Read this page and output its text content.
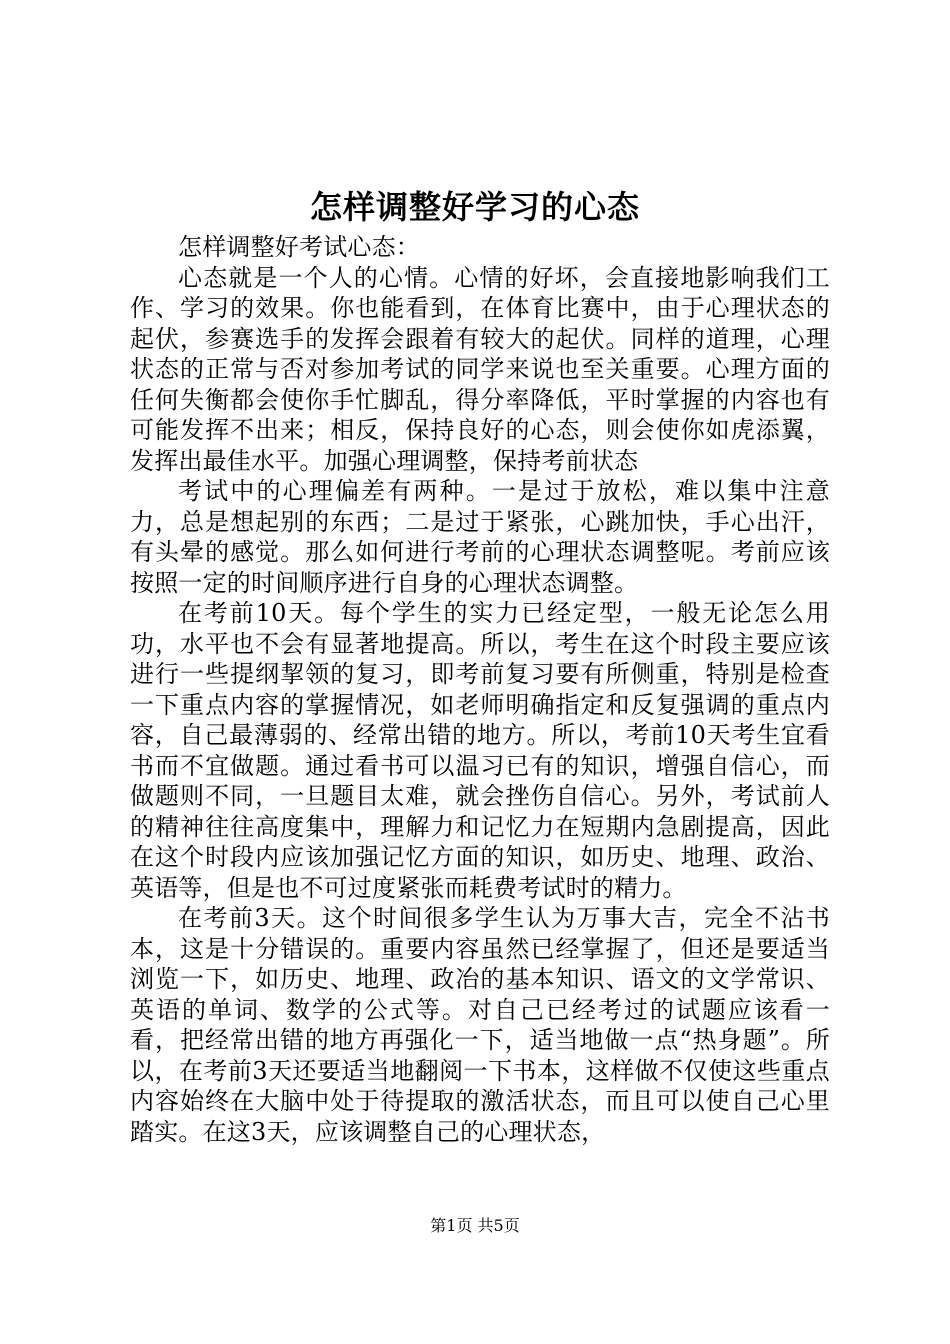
怎样调整好学习的心态

怎样调整好考试心态：

心态就是一个人的心情。心情的好坏，会直接地影响我们工作、学习的效果。你也能看到，在体育比赛中，由于心理状态的起伏，参赛选手的发挥会跟着有较大的起伏。同样的道理，心理状态的正常与否对参加考试的同学来说也至关重要。心理方面的任何失衡都会使你手忙脚乱，得分率降低，平时掌握的内容也有可能发挥不出来；相反，保持良好的心态，则会使你如虎添翼，发挥出最佳水平。加强心理调整，保持考前状态

考试中的心理偏差有两种。一是过于放松，难以集中注意力，总是想起别的东西；二是过于紧张，心跳加快，手心出汗，有头晕的感觉。那么如何进行考前的心理状态调整呢。考前应该按照一定的时间顺序进行自身的心理状态调整。

在考前10天。每个学生的实力已经定型，一般无论怎么用功，水平也不会有显著地提高。所以，考生在这个时段主要应该进行一些提纲挈领的复习，即考前复习要有所侧重，特别是检查一下重点内容的掌握情况，如老师明确指定和反复强调的重点内容，自己最薄弱的、经常出错的地方。所以，考前10天考生宜看书而不宜做题。通过看书可以温习已有的知识，增强自信心，而做题则不同，一旦题目太难，就会挫伤自信心。另外，考试前人的精神往往高度集中，理解力和记忆力在短期内急剧提高，因此在这个时段内应该加强记忆方面的知识，如历史、地理、政治、英语等，但是也不可过度紧张而耗费考试时的精力。

在考前3天。这个时间很多学生认为万事大吉，完全不沾书本，这是十分错误的。重要内容虽然已经掌握了，但还是要适当浏览一下，如历史、地理、政冶的基本知识、语文的文学常识、英语的单词、数学的公式等。对自己已经考过的试题应该看一看，把经常出错的地方再强化一下，适当地做一点“热身题”。所以，在考前3天还要适当地翻阅一下书本，这样做不仅使这些重点内容始终在大脑中处于待提取的激活状态，而且可以使自己心里踏实。在这3天，应该调整自己的心理状态，

第1页 共5页
